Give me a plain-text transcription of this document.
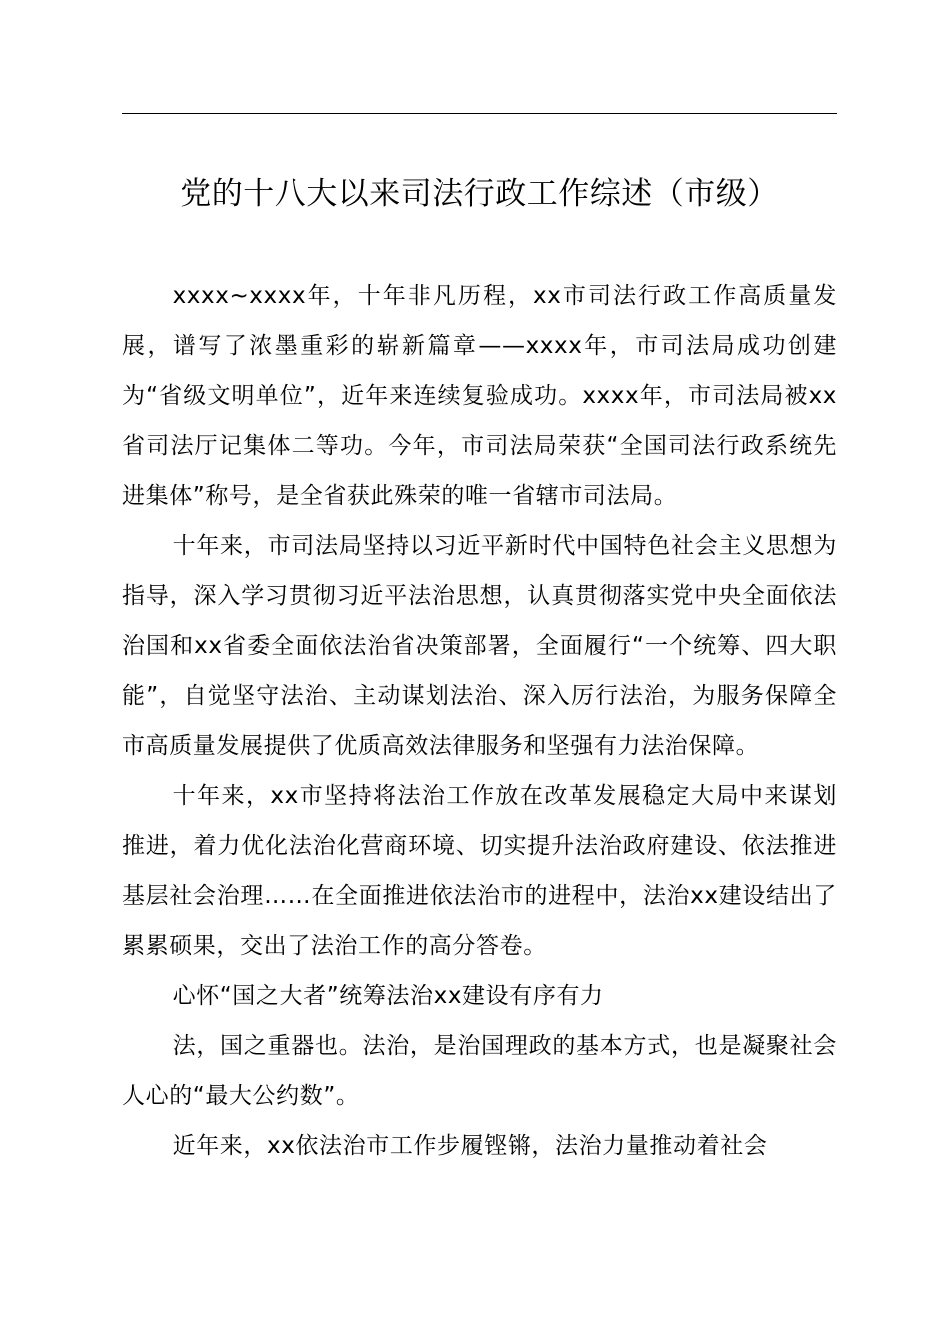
党的十八大以来司法行政工作综述（市级）

xxxx~xxxx年，十年非凡历程，xx市司法行政工作高质量发展，谱写了浓墨重彩的崭新篇章——xxxx年，市司法局成功创建为“省级文明单位”，近年来连续复验成功。xxxx年，市司法局被xx省司法厅记集体二等功。今年，市司法局荣获“全国司法行政系统先进集体”称号，是全省获此殊荣的唯一省辖市司法局。

十年来，市司法局坚持以习近平新时代中国特色社会主义思想为指导，深入学习贯彻习近平法治思想，认真贯彻落实党中央全面依法治国和xx省委全面依法治省决策部署，全面履行“一个统筹、四大职能”，自觉坚守法治、主动谋划法治、深入厉行法治，为服务保障全市高质量发展提供了优质高效法律服务和坚强有力法治保障。

十年来，xx市坚持将法治工作放在改革发展稳定大局中来谋划推进，着力优化法治化营商环境、切实提升法治政府建设、依法推进基层社会治理……在全面推进依法治市的进程中，法治xx建设结出了累累硕果，交出了法治工作的高分答卷。

心怀“国之大者”统筹法治xx建设有序有力

法，国之重器也。法治，是治国理政的基本方式，也是凝聚社会人心的“最大公约数”。

近年来，xx依法治市工作步履铿锵，法治力量推动着社会
